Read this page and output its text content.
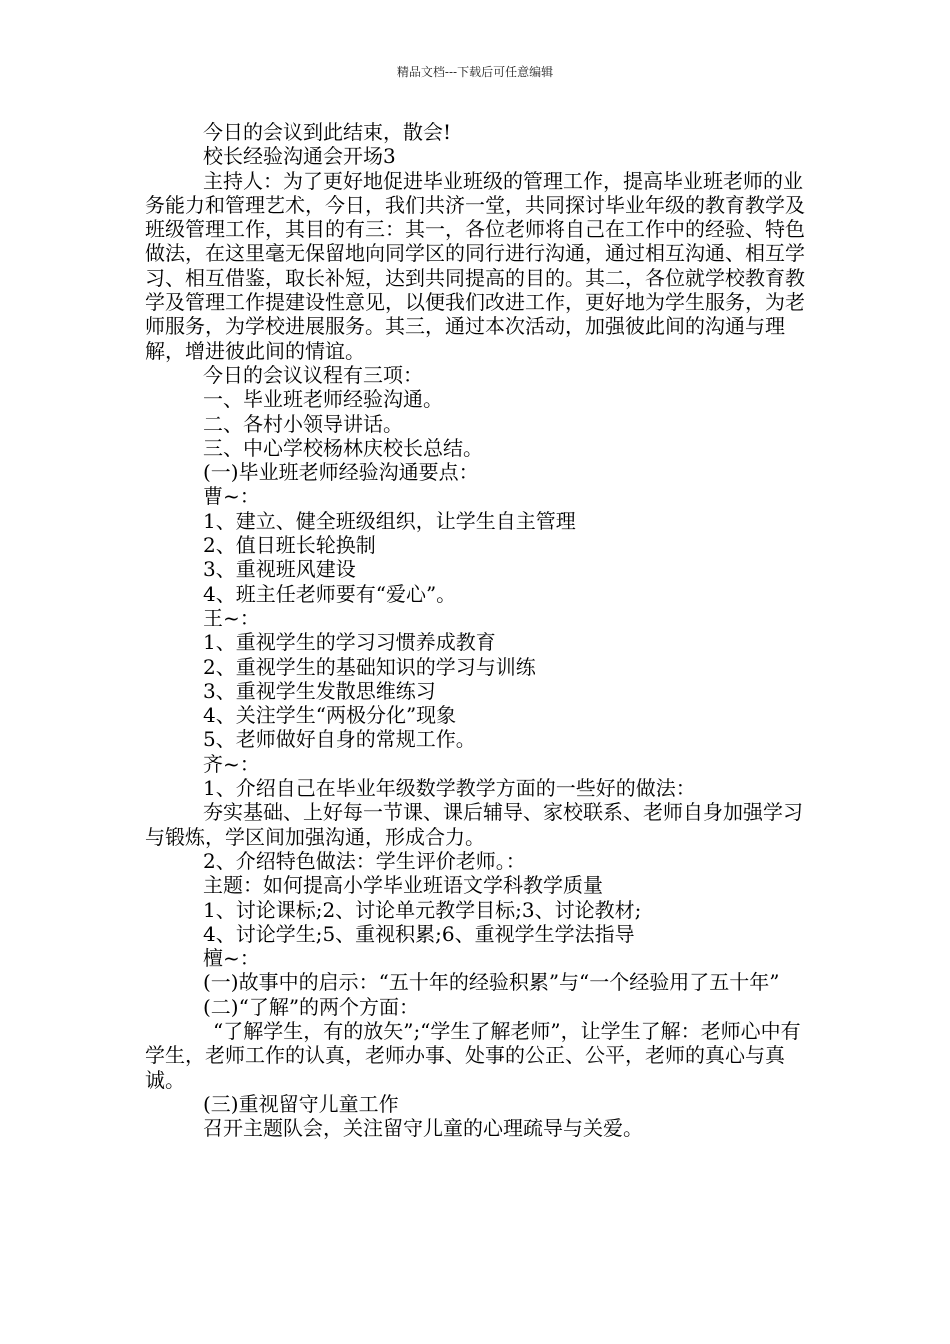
精品文档---下载后可任意编辑

今日的会议到此结束，散会!

校长经验沟通会开场3

主持人：为了更好地促进毕业班级的管理工作，提高毕业班老师的业务能力和管理艺术，今日，我们共济一堂，共同探讨毕业年级的教育教学及班级管理工作，其目的有三：其一，各位老师将自己在工作中的经验、特色做法，在这里毫无保留地向同学区的同行进行沟通，通过相互沟通、相互学习、相互借鉴，取长补短，达到共同提高的目的。其二，各位就学校教育教学及管理工作提建设性意见，以便我们改进工作，更好地为学生服务，为老师服务，为学校进展服务。其三，通过本次活动，加强彼此间的沟通与理解，增进彼此间的情谊。

今日的会议议程有三项：

一、毕业班老师经验沟通。

二、各村小领导讲话。

三、中心学校杨林庆校长总结。

(一)毕业班老师经验沟通要点：

曹~：

1、建立、健全班级组织，让学生自主管理

2、值日班长轮换制

3、重视班风建设

4、班主任老师要有“爱心”。

王~：

1、重视学生的学习习惯养成教育

2、重视学生的基础知识的学习与训练

3、重视学生发散思维练习

4、关注学生“两极分化”现象

5、老师做好自身的常规工作。

齐~：

1、介绍自己在毕业年级数学教学方面的一些好的做法：

夯实基础、上好每一节课、课后辅导、家校联系、老师自身加强学习与锻炼，学区间加强沟通，形成合力。

2、介绍特色做法：学生评价老师。：

主题：如何提高小学毕业班语文学科教学质量

1、讨论课标;2、讨论单元教学目标;3、讨论教材;

4、讨论学生;5、重视积累;6、重视学生学法指导

檀~：

(一)故事中的启示：“五十年的经验积累”与“一个经验用了五十年”

(二)“了解”的两个方面：

“了解学生，有的放矢”;“学生了解老师”，让学生了解：老师心中有学生，老师工作的认真，老师办事、处事的公正、公平，老师的真心与真诚。

(三)重视留守儿童工作

召开主题队会，关注留守儿童的心理疏导与关爱。
